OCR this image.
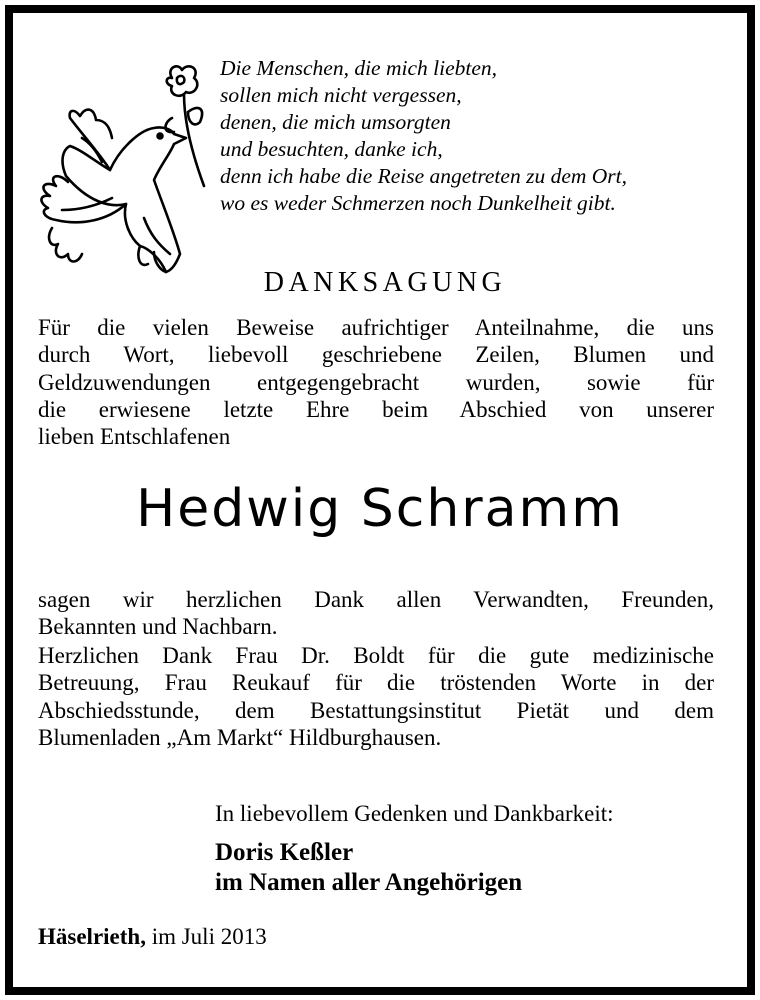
Die Menschen, die mich liebten,
sollen mich nicht vergessen,
denen, die mich umsorgten
und besuchten, danke ich,
denn ich habe die Reise angetreten zu dem Ort,
wo es weder Schmerzen noch Dunkelheit gibt.
DANKSAGUNG
Für die vielen Beweise aufrichtiger Anteilnahme, die uns
durch Wort, liebevoll geschriebene Zeilen, Blumen und
Geldzuwendungen entgegengebracht wurden, sowie für
die erwiesene letzte Ehre beim Abschied von unserer
lieben Entschlafenen
Hedwig Schramm
sagen wir herzlichen Dank allen Verwandten, Freunden,
Bekannten und Nachbarn.
Herzlichen Dank Frau Dr. Boldt für die gute medizinische
Betreuung, Frau Reukauf für die tröstenden Worte in der
Abschiedsstunde, dem Bestattungsinstitut Pietät und dem
Blumenladen „Am Markt“ Hildburghausen.
In liebevollem Gedenken und Dankbarkeit:
Doris Keßler
im Namen aller Angehörigen
Häselrieth, im Juli 2013
